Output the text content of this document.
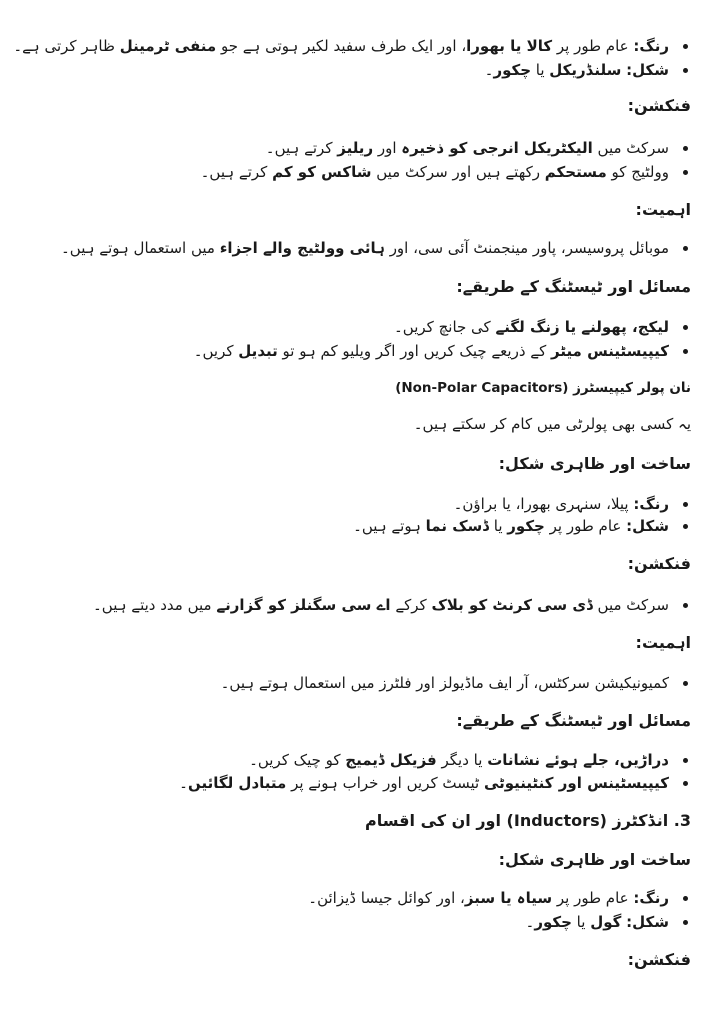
رنگ: عام طور پر کالا یا بھورا، اور ایک طرف سفید لکیر ہوتی ہے جو منفی ٹرمینل ظاہر کرتی ہے۔
شکل: سلنڈریکل یا چکور۔
فنکشن:
سرکٹ میں الیکٹریکل انرجی کو ذخیرہ اور ریلیز کرتے ہیں۔
وولٹیج کو مستحکم رکھتے ہیں اور سرکٹ میں شاکس کو کم کرتے ہیں۔
اہمیت:
موبائل پروسیسر، پاور مینجمنٹ آئی سی، اور ہائی وولٹیج والے اجزاء میں استعمال ہوتے ہیں۔
مسائل اور ٹیسٹنگ کے طریقے:
لیکج، پھولنے یا زنگ لگنے کی جانچ کریں۔
کیپیسٹینس میٹر کے ذریعے چیک کریں اور اگر ویلیو کم ہو تو تبدیل کریں۔
نان پولر کیپیسٹرز (Non-Polar Capacitors)
یہ کسی بھی پولرٹی میں کام کر سکتے ہیں۔
ساخت اور ظاہری شکل:
رنگ: پیلا، سنہری بھورا، یا براؤن۔
شکل: عام طور پر چکور یا ڈسک نما ہوتے ہیں۔
فنکشن:
سرکٹ میں ڈی سی کرنٹ کو بلاک کرکے اے سی سگنلز کو گزارنے میں مدد دیتے ہیں۔
اہمیت:
کمیونیکیشن سرکٹس، آر ایف ماڈیولز اور فلٹرز میں استعمال ہوتے ہیں۔
مسائل اور ٹیسٹنگ کے طریقے:
دراڑیں، جلے ہوئے نشانات یا دیگر فزیکل ڈیمیج کو چیک کریں۔
کیپیسٹینس اور کنٹینیوٹی ٹیسٹ کریں اور خراب ہونے پر متبادل لگائیں۔
3. انڈکٹرز (Inductors) اور ان کی اقسام
ساخت اور ظاہری شکل:
رنگ: عام طور پر سیاہ یا سبز، اور کوائل جیسا ڈیزائن۔
شکل: گول یا چکور۔
فنکشن:
